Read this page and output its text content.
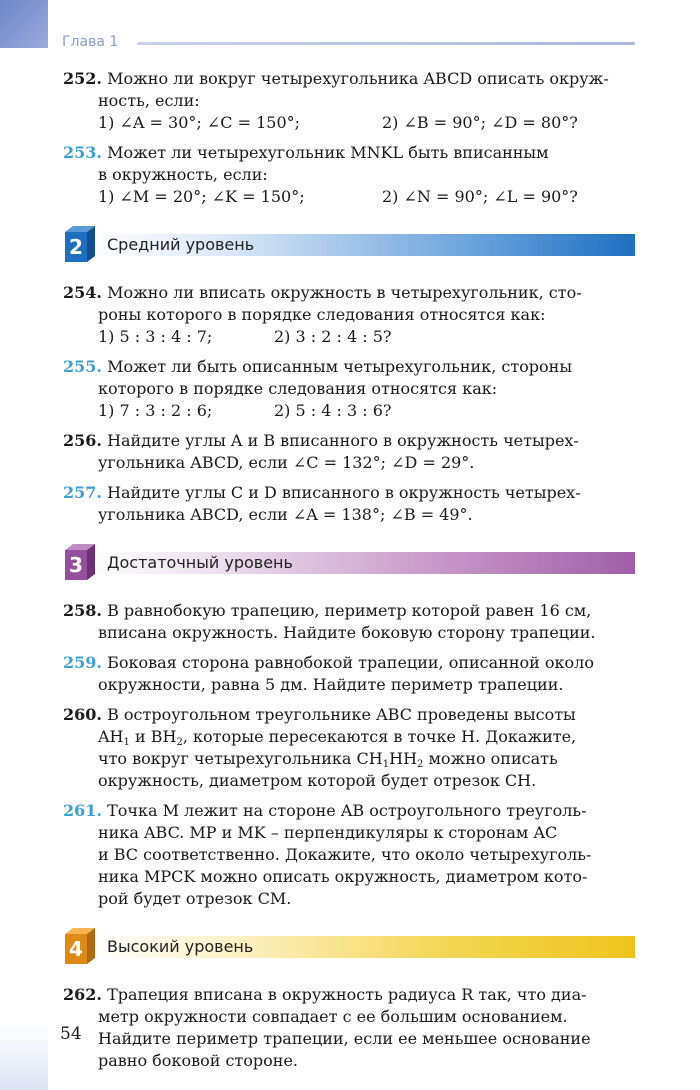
Глава 1
252. Можно ли вокруг четырехугольника ABCD описать окруж-
ность, если:
1) ∠A = 30°; ∠C = 150°;	2) ∠B = 90°; ∠D = 80°?
253. Может ли четырехугольник MNKL быть вписанным
в окружность, если:
1) ∠M = 20°; ∠K = 150°;	2) ∠N = 90°; ∠L = 90°?
2 Средний уровень
254. Можно ли вписать окружность в четырехугольник, сто-
роны которого в порядке следования относятся как:
1) 5 : 3 : 4 : 7;	2) 3 : 2 : 4 : 5?
255. Может ли быть описанным четырехугольник, стороны
которого в порядке следования относятся как:
1) 7 : 3 : 2 : 6;	2) 5 : 4 : 3 : 6?
256. Найдите углы A и B вписанного в окружность четырех-
угольника ABCD, если ∠C = 132°; ∠D = 29°.
257. Найдите углы C и D вписанного в окружность четырех-
угольника ABCD, если ∠A = 138°; ∠B = 49°.
3 Достаточный уровень
258. В равнобокую трапецию, периметр которой равен 16 см,
вписана окружность. Найдите боковую сторону трапеции.
259. Боковая сторона равнобокой трапеции, описанной около
окружности, равна 5 дм. Найдите периметр трапеции.
260. В остроугольном треугольнике ABC проведены высоты
$AH_1$ и $BH_2$, которые пересекаются в точке H. Докажите,
что вокруг четырехугольника $CH_1HH_2$ можно описать
окружность, диаметром которой будет отрезок CH.
261. Точка M лежит на стороне AB остроугольного треуголь-
ника ABC. MP и MK – перпендикуляры к сторонам AC
и BC соответственно. Докажите, что около четырехуголь-
ника MPCK можно описать окружность, диаметром кото-
рой будет отрезок CM.
4 Высокий уровень
262. Трапеция вписана в окружность радиуса R так, что диа-
метр окружности совпадает с ее большим основанием.
Найдите периметр трапеции, если ее меньшее основание
равно боковой стороне.
54
